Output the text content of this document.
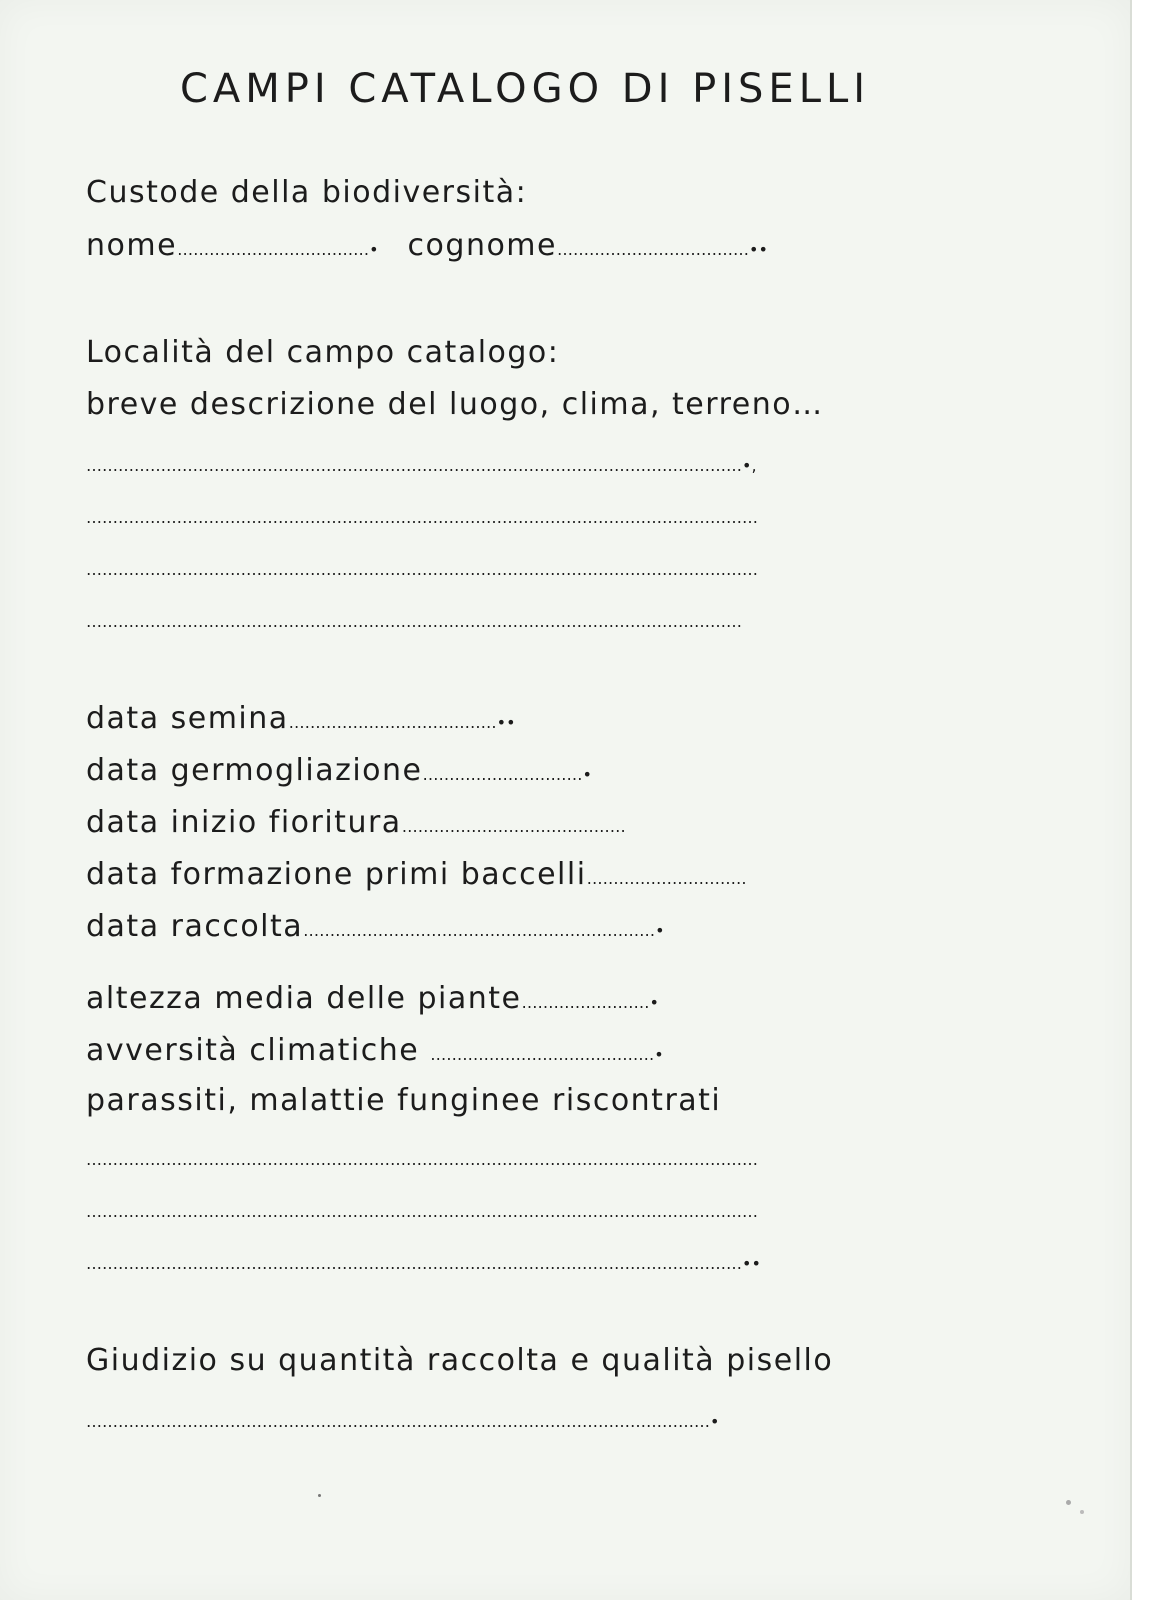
CAMPI CATALOGO DI PISELLI
Custode della biodiversità:
nome………………………………• cognome………………………………••
Località del campo catalogo:
breve descrizione del luogo, clima, terreno…
……………………………………………………………………………………………………………•,
………………………………………………………………………………………………………………
………………………………………………………………………………………………………………
……………………………………………………………………………………………………………
data semina…………………………………••
data germogliazione…………………………•
data inizio fioritura……………………………………
data formazione primi baccelli…………………………
data raccolta…………………………………………………………•
altezza media delle piante……………………•
avversità climatiche ……………………………………•
parassiti, malattie funginee riscontrati
………………………………………………………………………………………………………………
………………………………………………………………………………………………………………
……………………………………………………………………………………………………………••
Giudizio su quantità raccolta e qualità pisello
………………………………………………………………………………………………………•
